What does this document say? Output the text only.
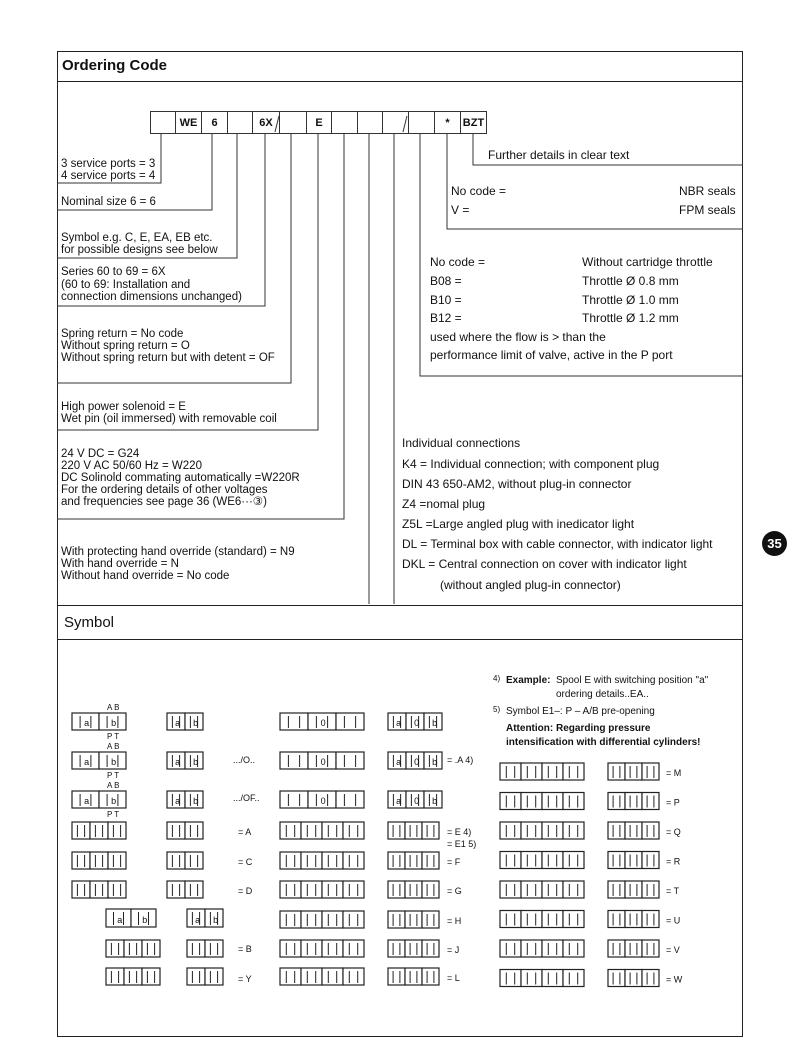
Ordering Code
WE	6	6X	E	*	BZT
3 service ports = 3
4 service ports = 4
Nominal size 6 = 6
Symbol e.g. C, E, EA, EB etc.
for possible designs see below
Series 60 to 69 = 6X
(60 to 69: Installation and
connection dimensions unchanged)
Spring return = No code
Without spring return = O
Without spring return but with detent = OF
High power solenoid = E
Wet pin (oil immersed) with removable coil
24 V DC = G24
220 V AC 50/60 Hz = W220
DC Solinold commating automatically =W220R
For the ordering details of other voltages
and frequencies see page 36 (WE6···③)
With protecting hand override (standard) = N9
With hand override = N
Without hand override = No code
Further details in clear text
No code =	NBR seals
V =	FPM seals
No code =	Without cartridge throttle
B08 =	Throttle Ø 0.8 mm
B10 =	Throttle Ø 1.0 mm
B12 =	Throttle Ø 1.2 mm
used where the flow is > than the
performance limit of valve, active in the P port
Individual connections
K4 = Individual connection; with component plug
DIN 43 650-AM2, without plug-in connector
Z4 =nomal plug
Z5L =Large angled plug with inedicator light
DL = Terminal box with cable connector, with indicator light
DKL = Central connection on cover with indicator light
(without angled plug-in connector)
35
Symbol
4) Example: Spool E with switching position "a"
ordering details..EA..
5) Symbol E1–: P – A/B pre-opening
Attention: Regarding pressure
intensification with differential cylinders!
a b
A B
P T
a b
A B
P T
a b
A B
P T
a b
a b
a b
.../O..
.../OF..
= A
= C
= D
a b	a b
= B
= Y
0	a 0 b
0	a 0 b
0	a 0 b
= .A 4)
= E 4)
= F
= G
= H
= J
= L
= E1 5)
= M
= P
= Q
= R
= T
= U
= V
= W
